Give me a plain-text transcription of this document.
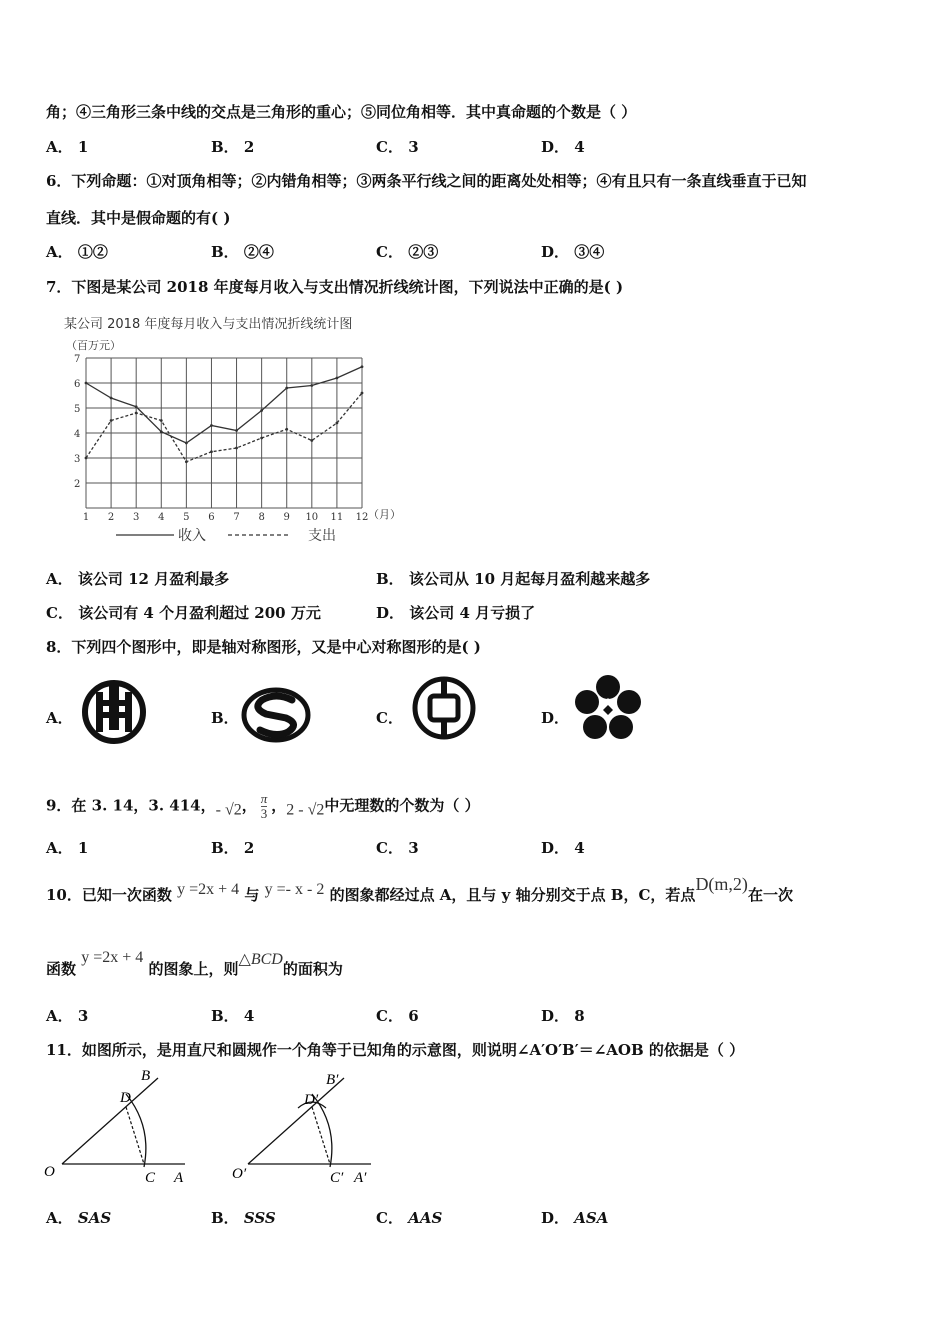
角；④三角形三条中线的交点是三角形的重心；⑤同位角相等．其中真命题的个数是（ ）
A． 1	B． 2	C． 3	D． 4
6．下列命题：①对顶角相等；②内错角相等；③两条平行线之间的距离处处相等；④有且只有一条直线垂直于已知
直线．其中是假命题的有( )
A． ①②	B． ②④	C． ②③	D． ③④
7．下图是某公司 2018 年度每月收入与支出情况折线统计图，下列说法中正确的是( )
某公司 2018 年度每月收入与支出情况折线统计图
（百万元）
2
3
4
5
6
7
1 2 3 4 5 6 7 8 9 10 11 12 （月）
收入	支出
A． 该公司 12 月盈利最多	B． 该公司从 10 月起每月盈利越来越多
C． 该公司有 4 个月盈利超过 200 万元	D． 该公司 4 月亏损了
8．下列四个图形中，即是轴对称图形，又是中心对称图形的是( )
A．	B．	C．	D．
9．在 3. 14，3. 414，- √2， $\frac{\pi}{3}$ ，2 - √2中无理数的个数为（ ）
A． 1	B． 2	C． 3	D． 4
10．已知一次函数 y =2x + 4 与 y =- x - 2 的图象都经过点 A，且与 y 轴分别交于点 B，C，若点D(m,2)在一次
函数 y =2x + 4 的图象上，则△BCD的面积为
A． 3	B． 4	C． 6	D． 8
11．如图所示，是用直尺和圆规作一个角等于已知角的示意图，则说明∠A′O′B′＝∠AOB 的依据是（ ）
O	C A
D
B
O′	C′ A′
D′
B′
A． SAS	B． SSS	C． AAS	D． ASA
